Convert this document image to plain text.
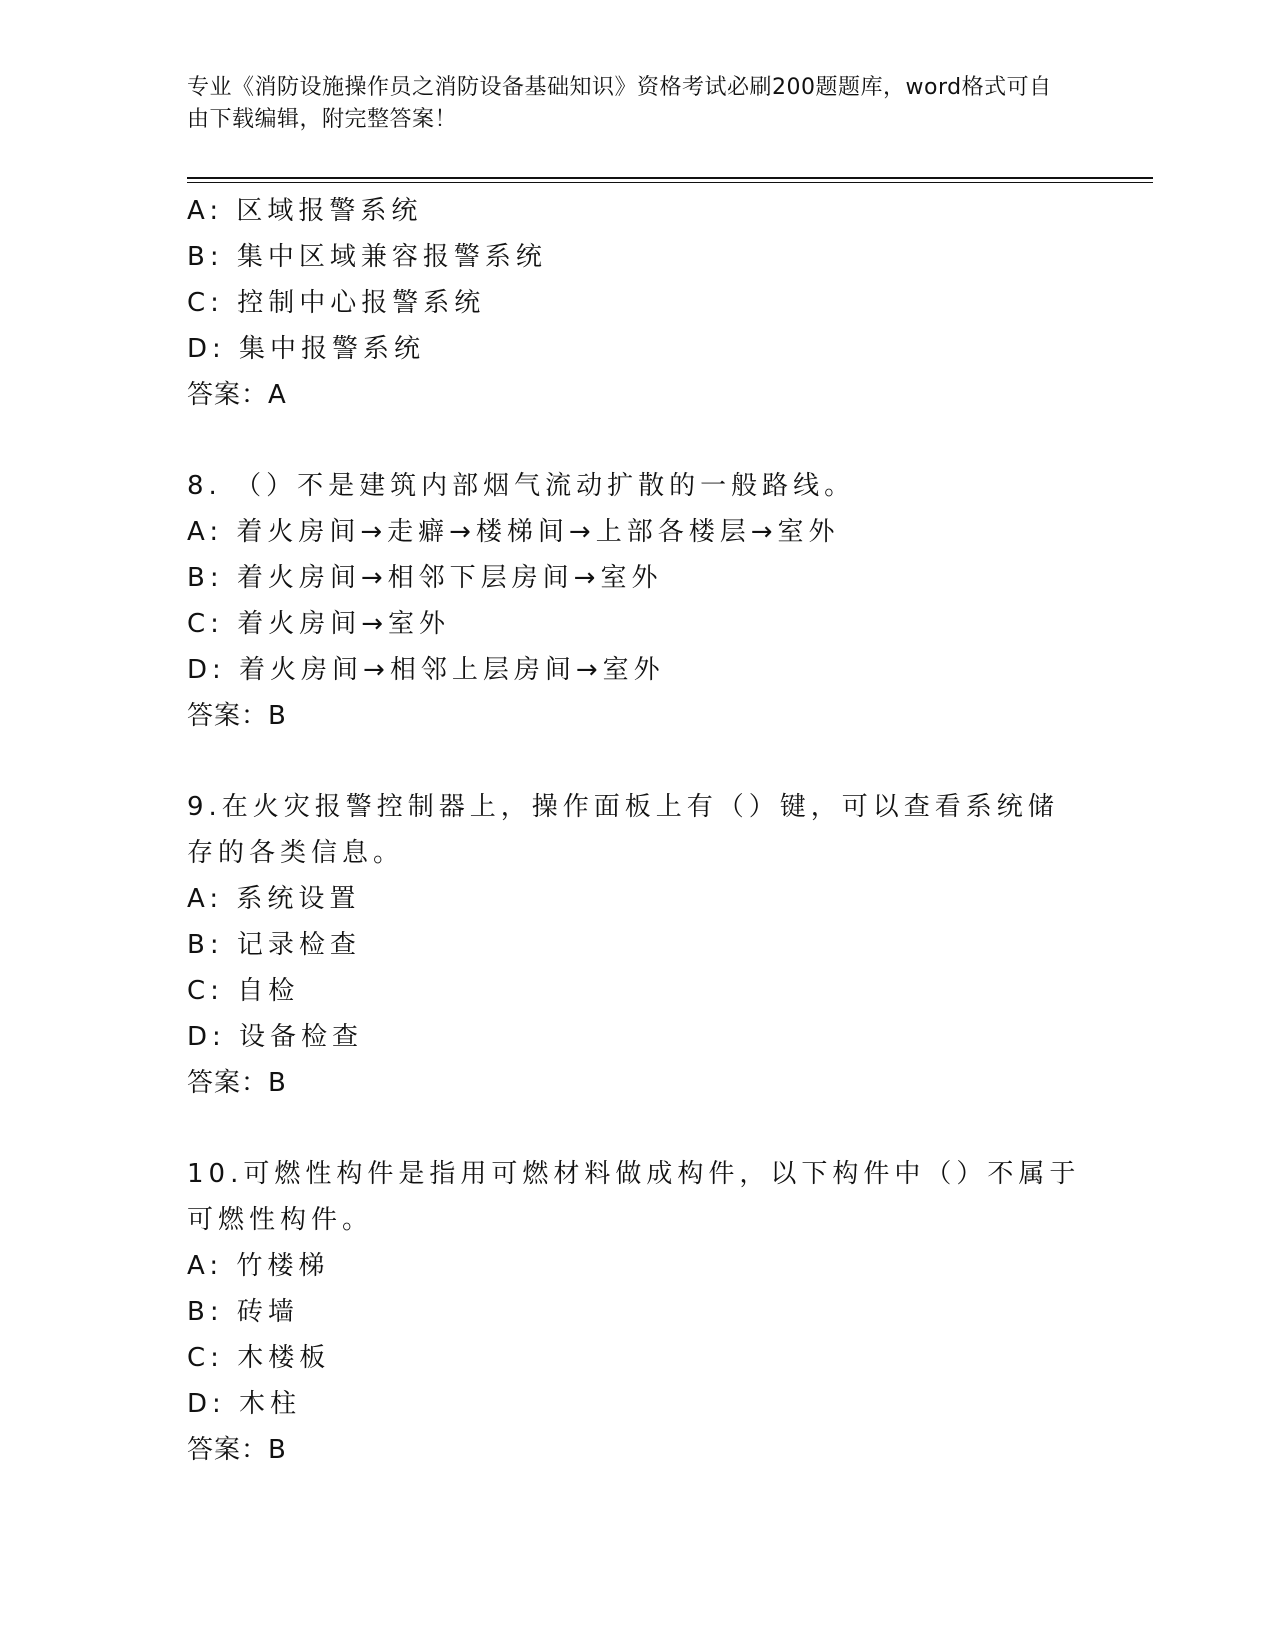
专业《消防设施操作员之消防设备基础知识》资格考试必刷200题题库，word格式可自由下载编辑，附完整答案！
A: 区域报警系统
B: 集中区域兼容报警系统
C: 控制中心报警系统
D: 集中报警系统
答案：A
8. （）不是建筑内部烟气流动扩散的一般路线。
A: 着火房间→走癖→楼梯间→上部各楼层→室外
B: 着火房间→相邻下层房间→室外
C: 着火房间→室外
D: 着火房间→相邻上层房间→室外
答案：B
9.在火灾报警控制器上，操作面板上有（）键，可以查看系统储存的各类信息。
A: 系统设置
B: 记录检查
C: 自检
D: 设备检查
答案：B
10.可燃性构件是指用可燃材料做成构件，以下构件中（）不属于可燃性构件。
A: 竹楼梯
B: 砖墙
C: 木楼板
D: 木柱
答案：B
